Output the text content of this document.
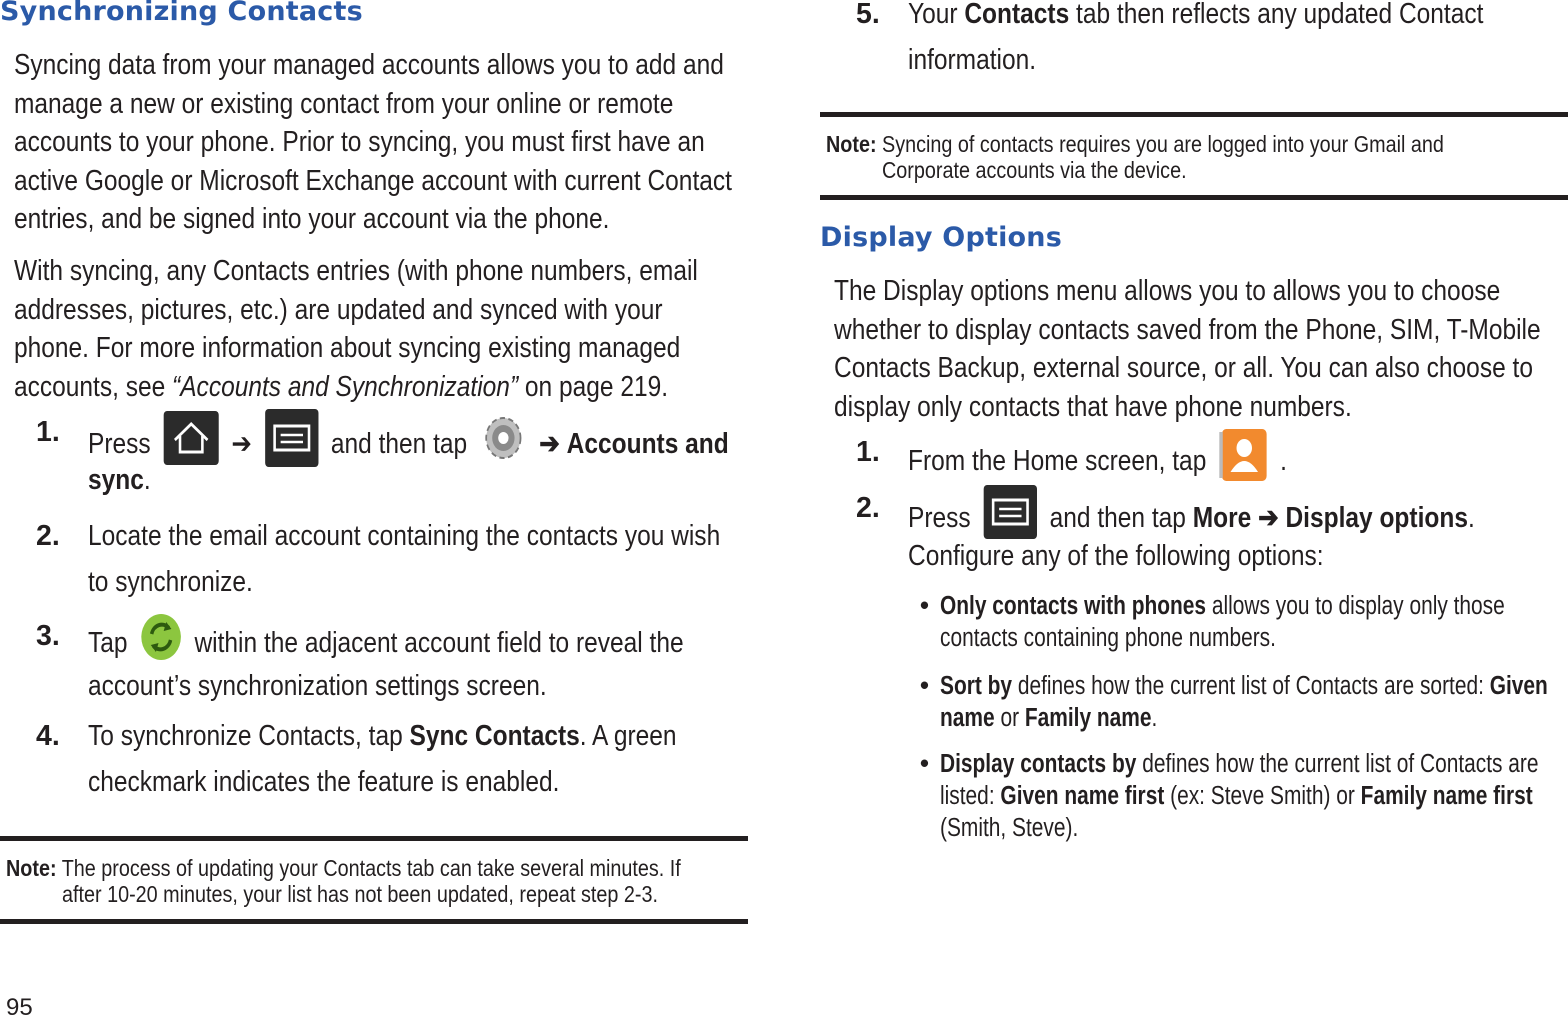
Synchronizing Contacts

Syncing data from your managed accounts allows you to add and manage a new or existing contact from your online or remote accounts to your phone. Prior to syncing, you must first have an active Google or Microsoft Exchange account with current Contact entries, and be signed into your account via the phone.

With syncing, any Contacts entries (with phone numbers, email addresses, pictures, etc.) are updated and synced with your phone. For more information about syncing existing managed accounts, see “Accounts and Synchronization” on page 219.

1. Press	➔	and then tap	➔ Accounts and
sync.
2. Locate the email account containing the contacts you wish
to synchronize.
3. Tap within the adjacent account field to reveal the
account’s synchronization settings screen.
4. To synchronize Contacts, tap Sync Contacts. A green
checkmark indicates the feature is enabled.
Note: The process of updating your Contacts tab can take several minutes. If
after 10-20 minutes, your list has not been updated, repeat step 2-3.
5. Your Contacts tab then reflects any updated Contact
information.
Note: Syncing of contacts requires you are logged into your Gmail and
Corporate accounts via the device.
Display Options

The Display options menu allows you to allows you to choose whether to display contacts saved from the Phone, SIM, T-Mobile Contacts Backup, external source, or all. You can also choose to display only contacts that have phone numbers.

1. From the Home screen, tap	.
2. Press	and then tap More ➔ Display options.
Configure any of the following options:
• Only contacts with phones allows you to display only those
contacts containing phone numbers.
• Sort by defines how the current list of Contacts are sorted: Given
name or Family name.
• Display contacts by defines how the current list of Contacts are
listed: Given name first (ex: Steve Smith) or Family name first
(Smith, Steve).
95
